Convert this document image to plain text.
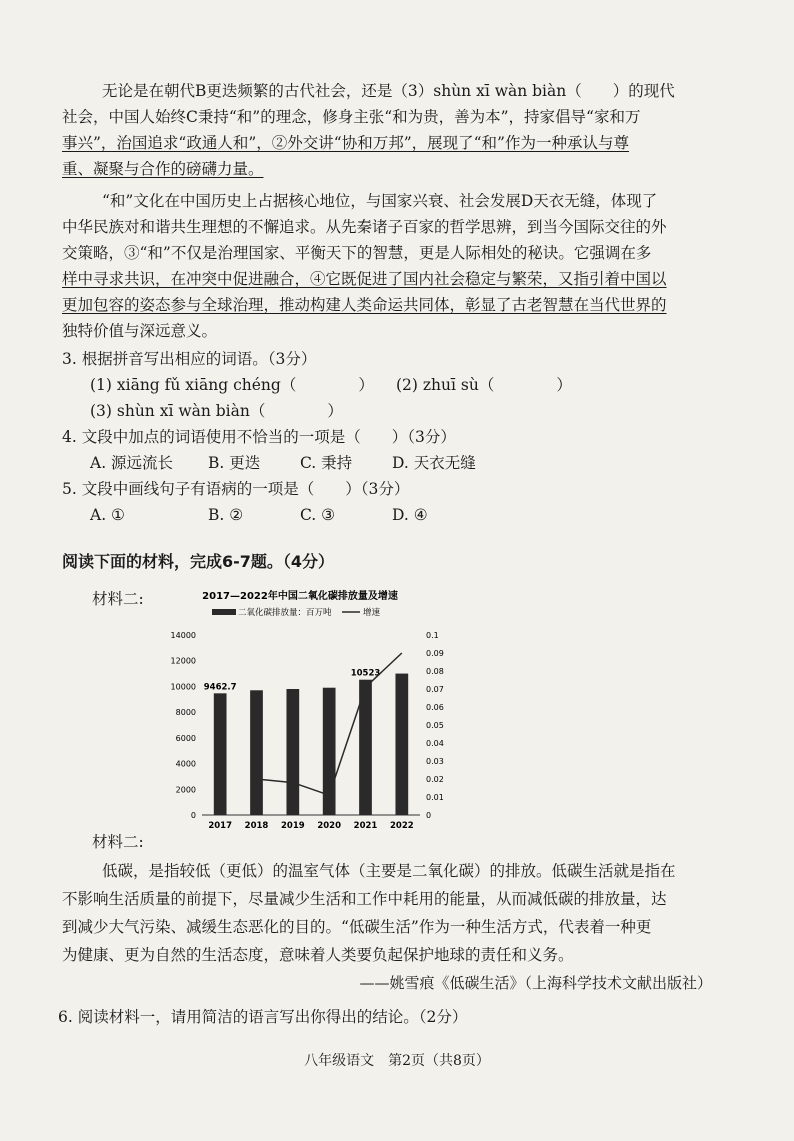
无论是在朝代B更迭频繁的古代社会，还是（3）shùn xī wàn biàn（　　）的现代
社会，中国人始终C秉持“和”的理念，修身主张“和为贵，善为本”，持家倡导“家和万
事兴”，治国追求“政通人和”，②外交讲“协和万邦”，展现了“和”作为一种承认与尊
重、凝聚与合作的磅礴力量。
“和”文化在中国历史上占据核心地位，与国家兴衰、社会发展D天衣无缝，体现了
中华民族对和谐共生理想的不懈追求。从先秦诸子百家的哲学思辨，到当今国际交往的外
交策略，③“和”不仅是治理国家、平衡天下的智慧，更是人际相处的秘诀。它强调在多
样中寻求共识，在冲突中促进融合，④它既促进了国内社会稳定与繁荣，又指引着中国以
更加包容的姿态参与全球治理，推动构建人类命运共同体，彰显了古老智慧在当代世界的
独特价值与深远意义。
3. 根据拼音写出相应的词语。（3分）
(1) xiāng fǔ xiāng chéng（　　　　） (2) zhuī sù（　　　　）
(3) shùn xī wàn biàn（　　　　）
4. 文段中加点的词语使用不恰当的一项是（　　）（3分）
A. 源远流长 B. 更迭	C. 秉持	D. 天衣无缝
5. 文段中画线句子有语病的一项是（　　）（3分）
A. ①	B. ②	C. ③	D. ④
阅读下面的材料，完成6-7题。（4分）
材料二:	2017—2022年中国二氧化碳排放量及增速
二氧化碳排放量：百万吨	增速
0
2000
4000
6000
8000
10000
12000
14000
0
0.01
0.02
0.03
0.04
0.05
0.06
0.07
0.08
0.09
0.1
2017 2018 2019 2020 2021 2022
9462.7
10523
材料二:
低碳，是指较低（更低）的温室气体（主要是二氧化碳）的排放。低碳生活就是指在
不影响生活质量的前提下，尽量减少生活和工作中耗用的能量，从而减低碳的排放量，达
到减少大气污染、减缓生态恶化的目的。“低碳生活”作为一种生活方式，代表着一种更
为健康、更为自然的生活态度，意味着人类要负起保护地球的责任和义务。
——姚雪痕《低碳生活》（上海科学技术文献出版社）
6. 阅读材料一，请用简洁的语言写出你得出的结论。（2分）
八年级语文　第2页（共8页）
